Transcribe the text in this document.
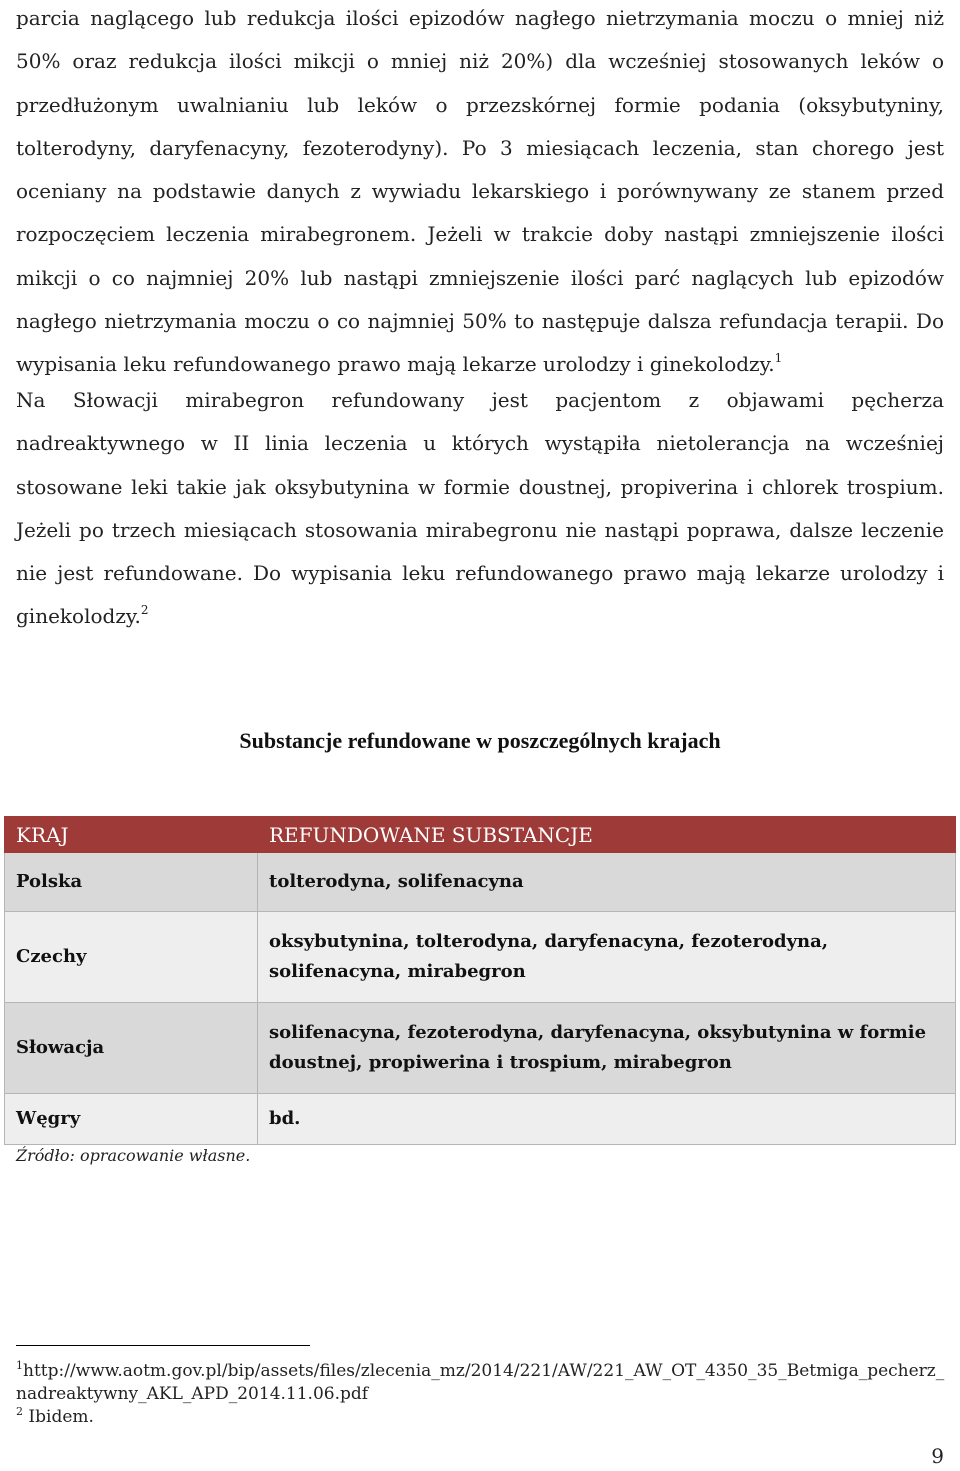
parcia naglącego lub redukcja ilości epizodów nagłego nietrzymania moczu o mniej niż 50% oraz redukcja ilości mikcji o mniej niż 20%) dla wcześniej stosowanych leków o przedłużonym uwalnianiu lub leków o przezskórnej formie podania (oksybutyniny, tolterodyny, daryfenacyny, fezoterodyny). Po 3 miesiącach leczenia, stan chorego jest oceniany na podstawie danych z wywiadu lekarskiego i porównywany ze stanem przed rozpoczęciem leczenia mirabegronem. Jeżeli w trakcie doby nastąpi zmniejszenie ilości mikcji o co najmniej 20% lub nastąpi zmniejszenie ilości parć naglących lub epizodów nagłego nietrzymania moczu o co najmniej 50% to następuje dalsza refundacja terapii. Do wypisania leku refundowanego prawo mają lekarze urolodzy i ginekolodzy.$^1$

Na Słowacji mirabegron refundowany jest pacjentom z objawami pęcherza nadreaktywnego w II linia leczenia u których wystąpiła nietolerancja na wcześniej stosowane leki takie jak oksybutynina w formie doustnej, propiverina i chlorek trospium. Jeżeli po trzech miesiącach stosowania mirabegronu nie nastąpi poprawa, dalsze leczenie nie jest refundowane. Do wypisania leku refundowanego prawo mają lekarze urolodzy i ginekolodzy.$^2$

Substancje refundowane w poszczególnych krajach
KRAJ	REFUNDOWANE SUBSTANCJE
Polska	tolterodyna, solifenacyna
Czechy	oksybutynina, tolterodyna, daryfenacyna, fezoterodyna, solifenacyna, mirabegron
Słowacja	solifenacyna, fezoterodyna, daryfenacyna, oksybutynina w formie doustnej, propiwerina i trospium, mirabegron
Węgry	bd.

Źródło: opracowanie własne.

$^1$http://www.aotm.gov.pl/bip/assets/files/zlecenia_mz/2014/221/AW/221_AW_OT_4350_35_Betmiga_pecherz_nadreaktywny_AKL_APD_2014.11.06.pdf
$^2$ Ibidem.

9
